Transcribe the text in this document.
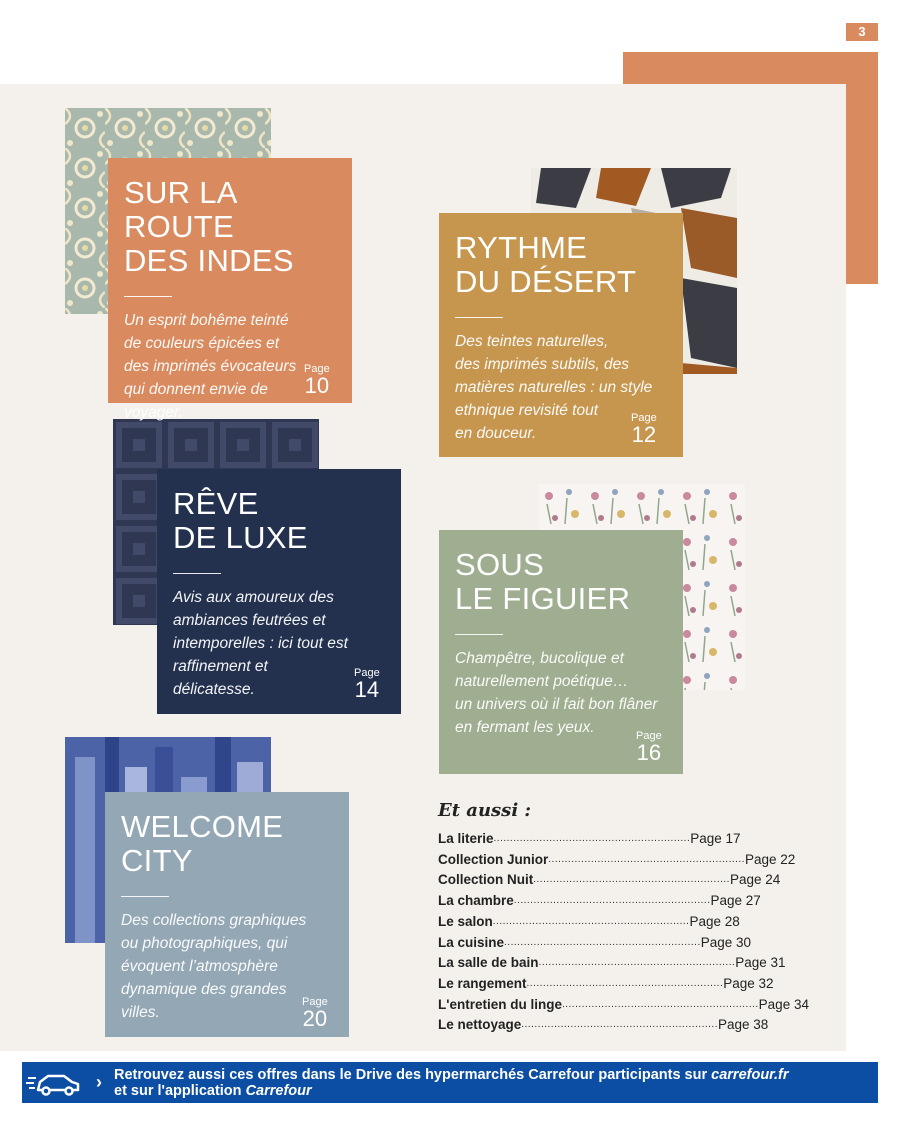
3
SUR LA ROUTE
DES INDES
Un esprit bohême teinté
de couleurs épicées et
des imprimés évocateurs
qui donnent envie de
voyager.
Page
10
RYTHME
DU DÉSERT
Des teintes naturelles,
des imprimés subtils, des
matières naturelles : un style
ethnique revisité tout
en douceur.
Page
12
RÊVE
DE LUXE
Avis aux amoureux des
ambiances feutrées et
intemporelles : ici tout est
raffinement et
délicatesse.
Page
14
SOUS
LE FIGUIER
Champêtre, bucolique et
naturellement poétique…
un univers où il fait bon flâner
en fermant les yeux.	Page
16
WELCOME
CITY
Des collections graphiques
ou photographiques, qui
évoquent l’atmosphère
dynamique des grandes
villes.
Page
20
Et aussi :
La literie ............................................................ Page 17
Collection Junior ............................................................ Page 22
Collection Nuit ............................................................ Page 24
La chambre ............................................................ Page 27
Le salon ............................................................ Page 28
La cuisine ............................................................ Page 30
La salle de bain ............................................................ Page 31
Le rangement ............................................................ Page 32
L'entretien du linge ............................................................ Page 34
Le nettoyage ............................................................ Page 38
› Retrouvez aussi ces offres dans le Drive des hypermarchés Carrefour participants sur carrefour.fr
et sur l'application Carrefour
